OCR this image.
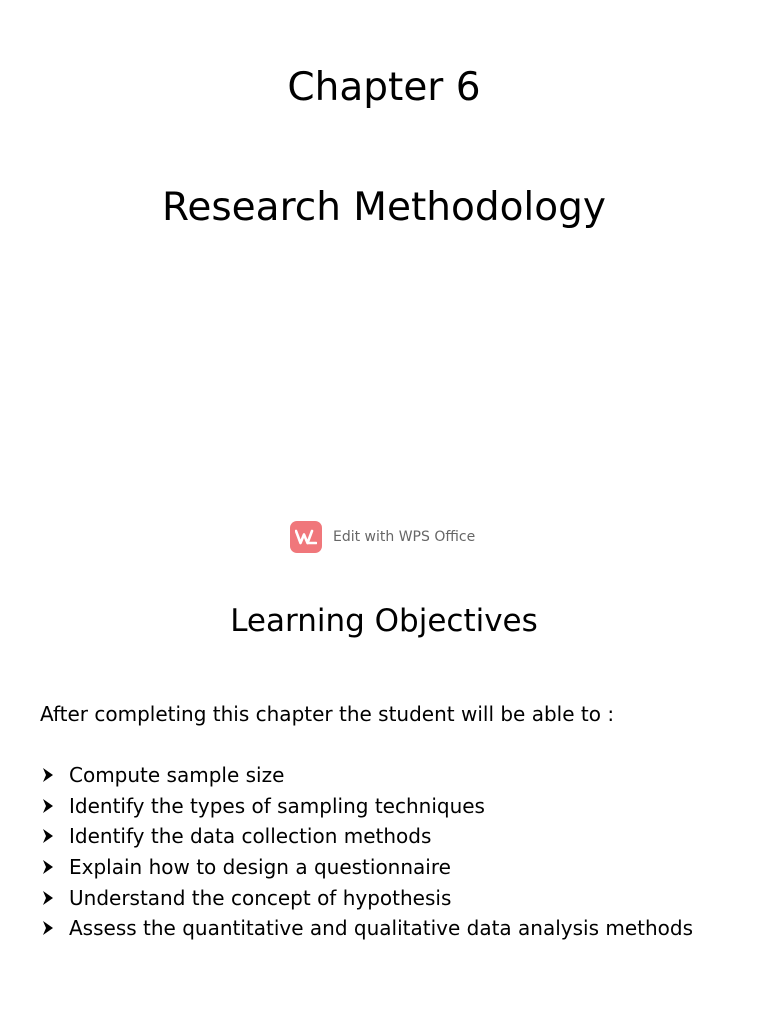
Chapter 6
Research Methodology
Edit with WPS Office
Learning Objectives
After completing this chapter the student will be able to :
Compute sample size
Identify the types of sampling techniques
Identify the data collection methods
Explain how to design a questionnaire
Understand the concept of hypothesis
Assess the quantitative and qualitative data analysis methods
